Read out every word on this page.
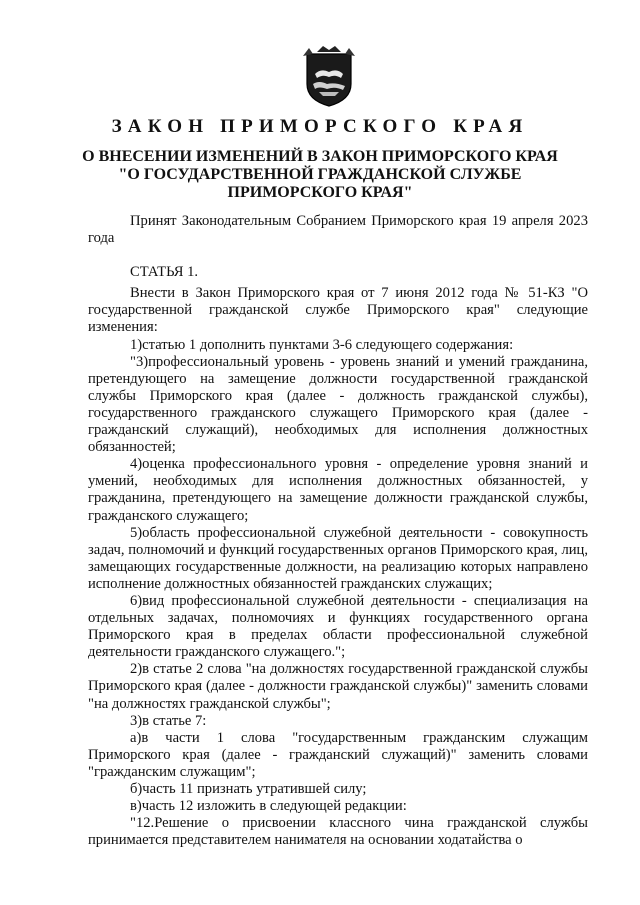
ЗАКОН ПРИМОРСКОГО КРАЯ
О ВНЕСЕНИИ ИЗМЕНЕНИЙ В ЗАКОН ПРИМОРСКОГО КРАЯ
"О ГОСУДАРСТВЕННОЙ ГРАЖДАНСКОЙ СЛУЖБЕ
ПРИМОРСКОГО КРАЯ"

Принят Законодательным Собранием Приморского края 19 апреля 2023 года

СТАТЬЯ 1.

Внести в Закон Приморского края от 7 июня 2012 года № 51-КЗ "О государственной гражданской службе Приморского края" следующие изменения:

1)статью 1 дополнить пунктами 3-6 следующего содержания:

"3)профессиональный уровень - уровень знаний и умений гражданина, претендующего на замещение должности государственной гражданской службы Приморского края (далее - должность гражданской службы), государственного гражданского служащего Приморского края (далее - гражданский служащий), необходимых для исполнения должностных обязанностей;

4)оценка профессионального уровня - определение уровня знаний и умений, необходимых для исполнения должностных обязанностей, у гражданина, претендующего на замещение должности гражданской службы, гражданского служащего;

5)область профессиональной служебной деятельности - совокупность задач, полномочий и функций государственных органов Приморского края, лиц, замещающих государственные должности, на реализацию которых направлено исполнение должностных обязанностей гражданских служащих;

6)вид профессиональной служебной деятельности - специализация на отдельных задачах, полномочиях и функциях государственного органа Приморского края в пределах области профессиональной служебной деятельности гражданского служащего.";

2)в статье 2 слова "на должностях государственной гражданской службы Приморского края (далее - должности гражданской службы)" заменить словами "на должностях гражданской службы";

3)в статье 7:

а)в части 1 слова "государственным гражданским служащим Приморского края (далее - гражданский служащий)" заменить словами "гражданским служащим";

б)часть 11 признать утратившей силу;

в)часть 12 изложить в следующей редакции:

"12.Решение о присвоении классного чина гражданской службы принимается представителем нанимателя на основании ходатайства о
